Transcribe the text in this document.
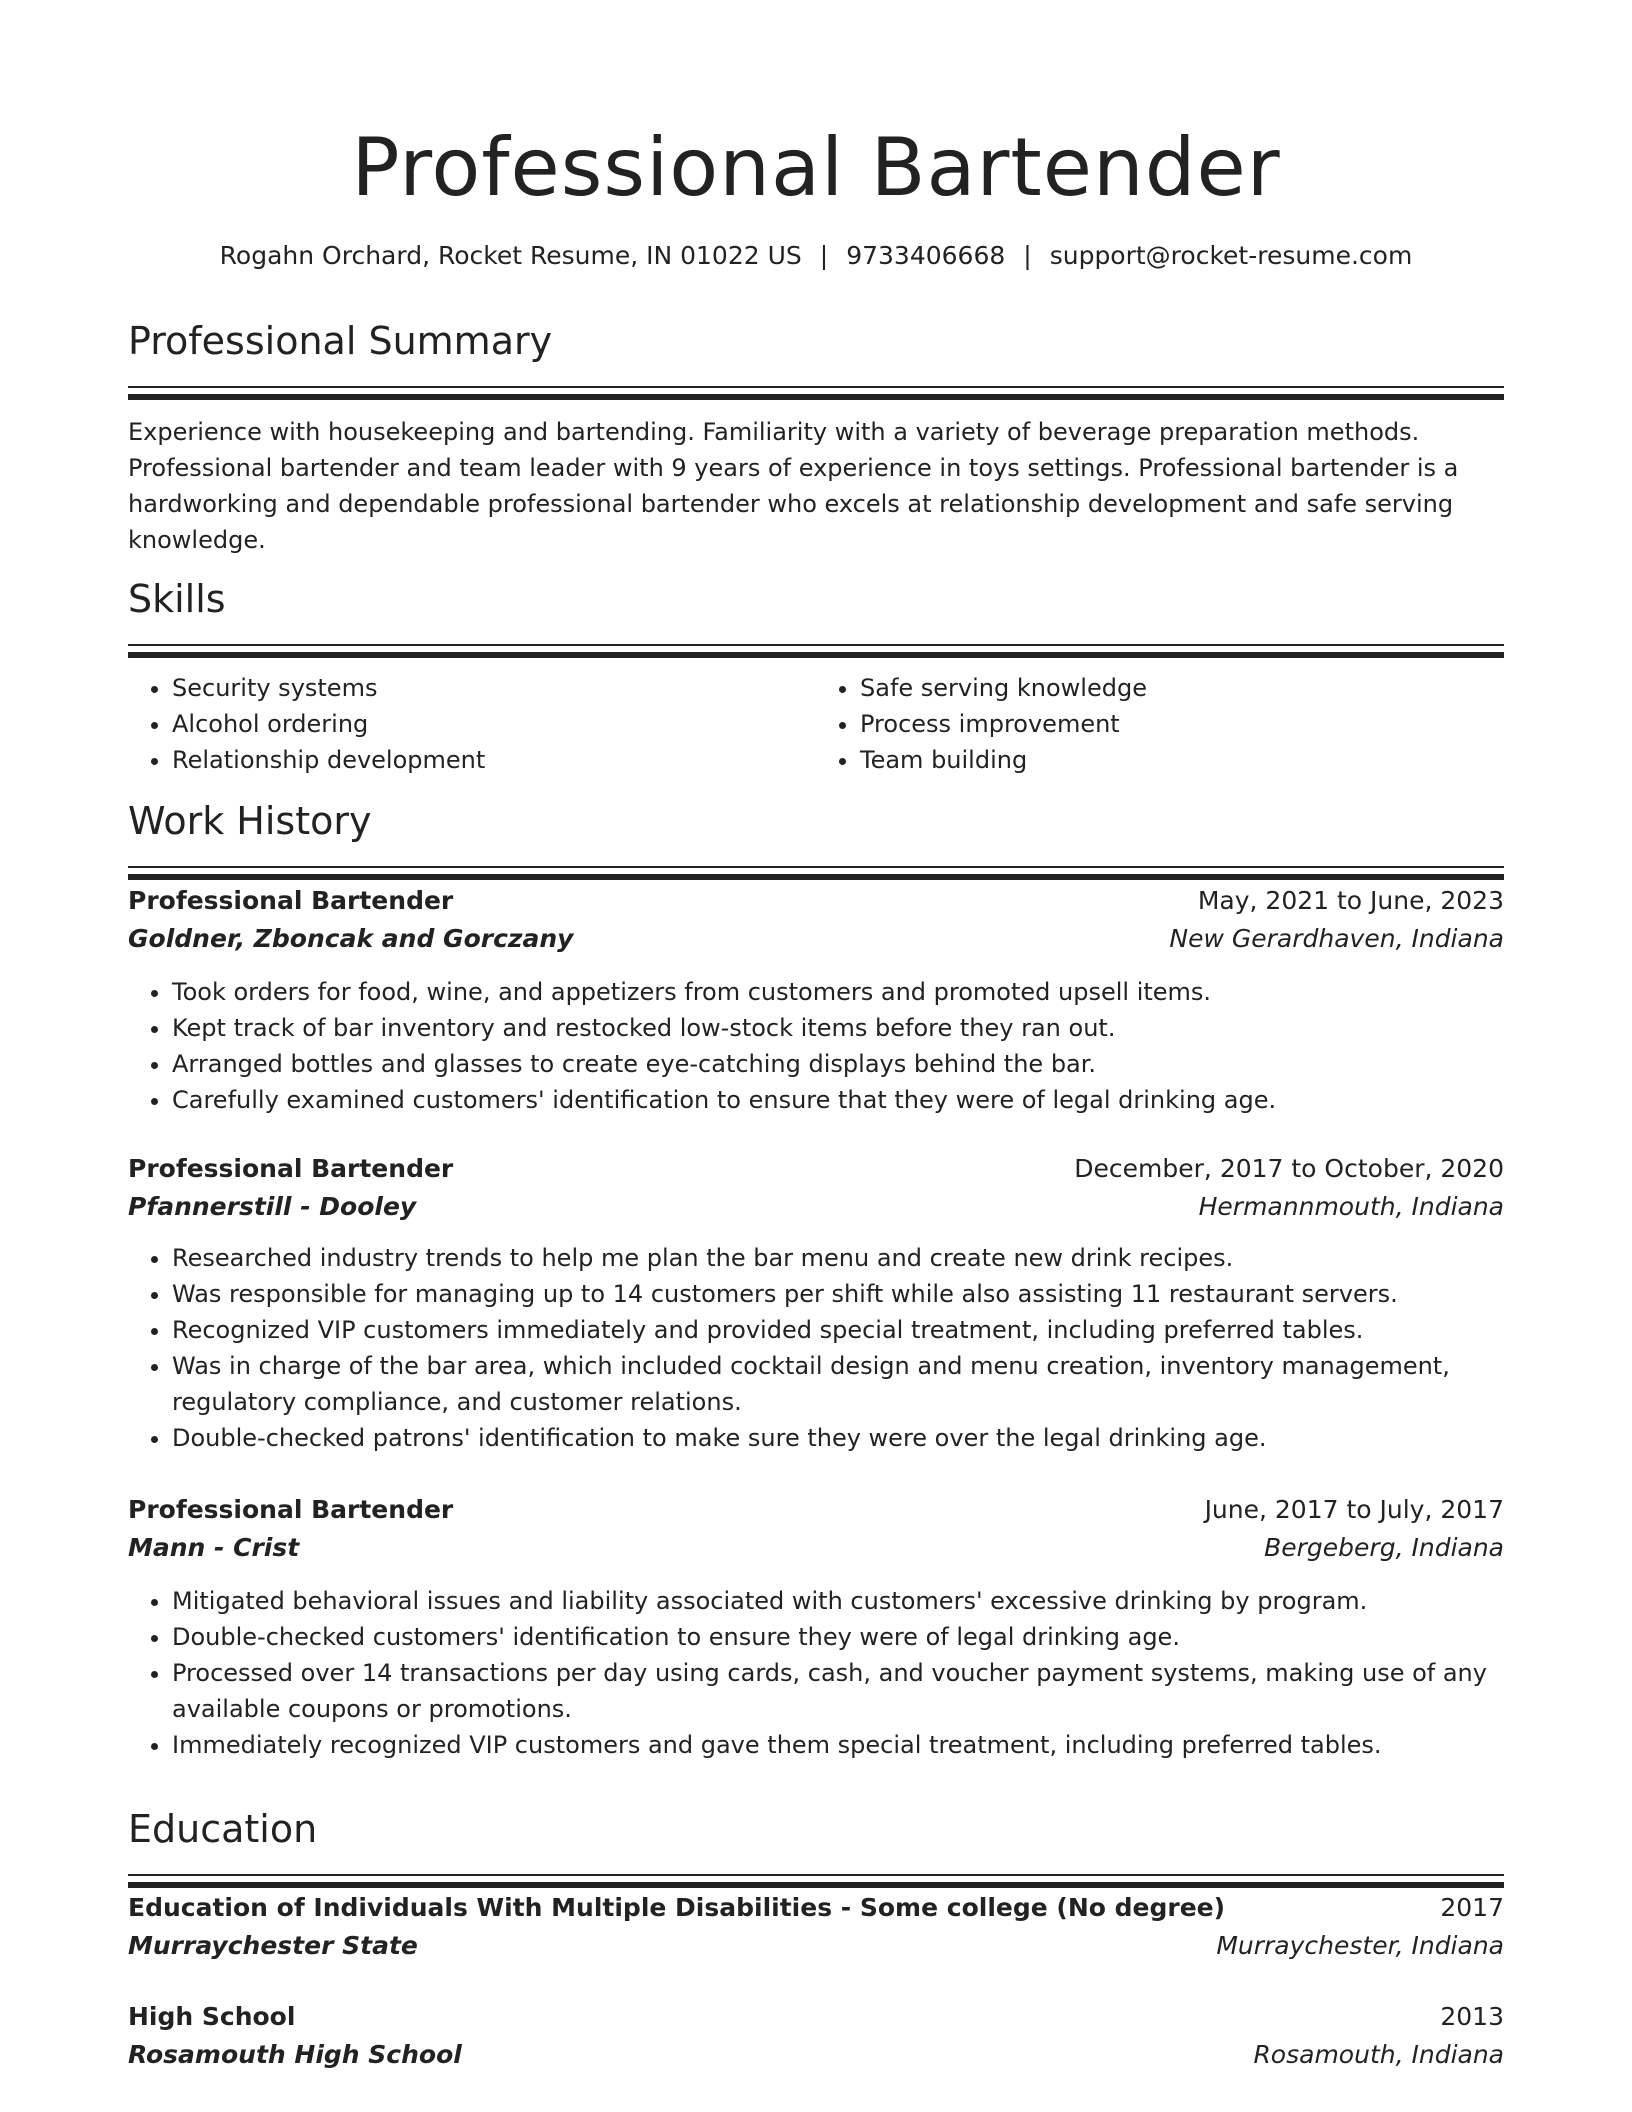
Professional Bartender
Rogahn Orchard, Rocket Resume, IN 01022 US | 9733406668 | support@rocket-resume.com
Professional Summary

Experience with housekeeping and bartending. Familiarity with a variety of beverage preparation methods. Professional bartender and team leader with 9 years of experience in toys settings. Professional bartender is a hardworking and dependable professional bartender who excels at relationship development and safe serving knowledge.

Skills
• Security systems
• Alcohol ordering
• Relationship development
• Safe serving knowledge
• Process improvement
• Team building
Work History
Professional Bartender	May, 2021 to June, 2023
Goldner, Zboncak and Gorczany	New Gerardhaven, Indiana
• Took orders for food, wine, and appetizers from customers and promoted upsell items.
• Kept track of bar inventory and restocked low-stock items before they ran out.
• Arranged bottles and glasses to create eye-catching displays behind the bar.
• Carefully examined customers' identification to ensure that they were of legal drinking age.
Professional Bartender	December, 2017 to October, 2020
Pfannerstill - Dooley	Hermannmouth, Indiana
• Researched industry trends to help me plan the bar menu and create new drink recipes.
• Was responsible for managing up to 14 customers per shift while also assisting 11 restaurant servers.
• Recognized VIP customers immediately and provided special treatment, including preferred tables.
• Was in charge of the bar area, which included cocktail design and menu creation, inventory management, regulatory compliance, and customer relations.
• Double-checked patrons' identification to make sure they were over the legal drinking age.
Professional Bartender	June, 2017 to July, 2017
Mann - Crist	Bergeberg, Indiana
• Mitigated behavioral issues and liability associated with customers' excessive drinking by program.
• Double-checked customers' identification to ensure they were of legal drinking age.
• Processed over 14 transactions per day using cards, cash, and voucher payment systems, making use of any available coupons or promotions.
• Immediately recognized VIP customers and gave them special treatment, including preferred tables.
Education
Education of Individuals With Multiple Disabilities - Some college (No degree)	2017
Murraychester State	Murraychester, Indiana
High School	2013
Rosamouth High School	Rosamouth, Indiana
